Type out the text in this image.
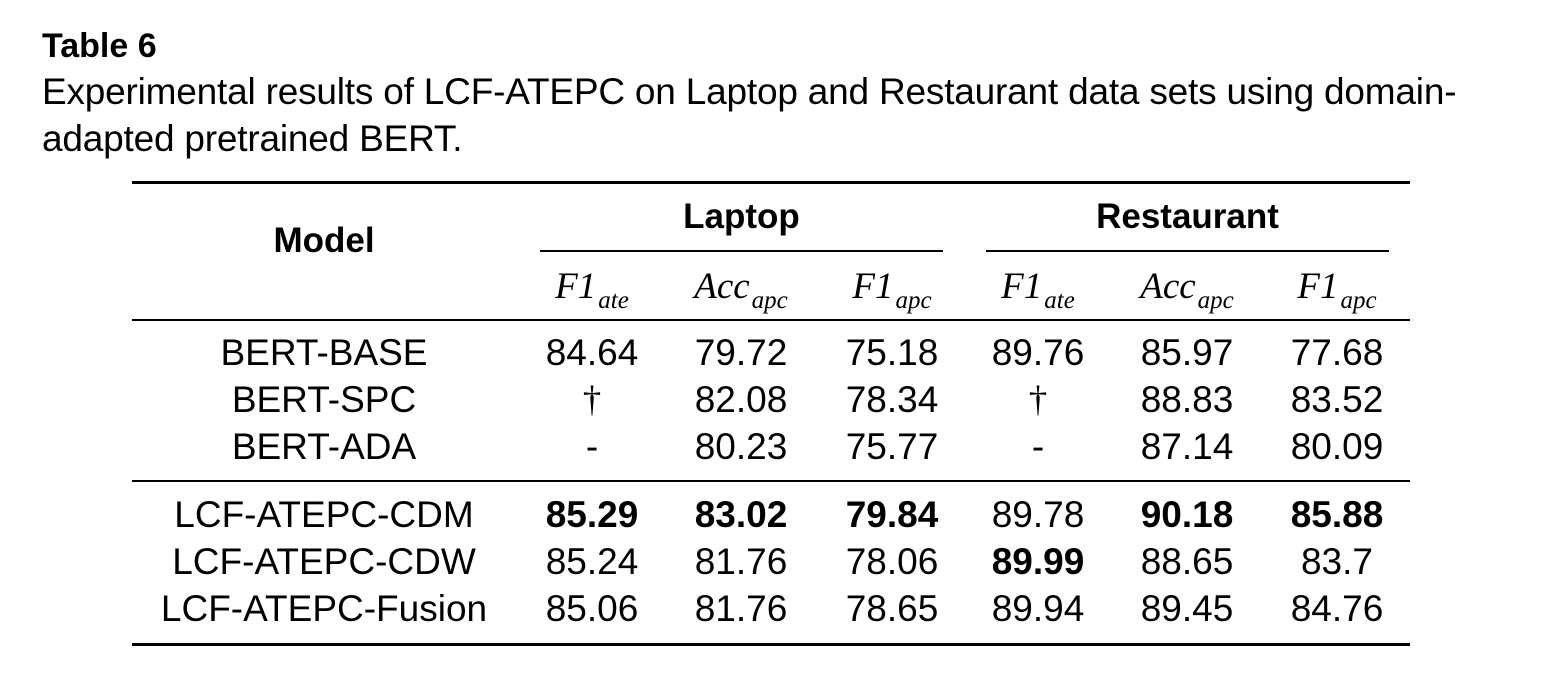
Table 6
Experimental results of LCF-ATEPC on Laptop and Restaurant data sets using domain-
adapted pretrained BERT.
Model
Laptop	Restaurant
$F1_{ate}$	Acc$_{apc}$	$F1_{apc}$	$F1_{ate}$	Acc$_{apc}$	$F1_{apc}$
BERT-BASE	84.64	79.72	75.18	89.76	85.97	77.68
BERT-SPC	†	82.08	78.34	†	88.83	83.52
BERT-ADA	-	80.23	75.77	-	87.14	80.09
LCF-ATEPC-CDM	85.29	83.02	79.84	89.78	90.18	85.88
LCF-ATEPC-CDW	85.24	81.76	78.06	89.99	88.65	83.7
LCF-ATEPC-Fusion	85.06	81.76	78.65	89.94	89.45	84.76
